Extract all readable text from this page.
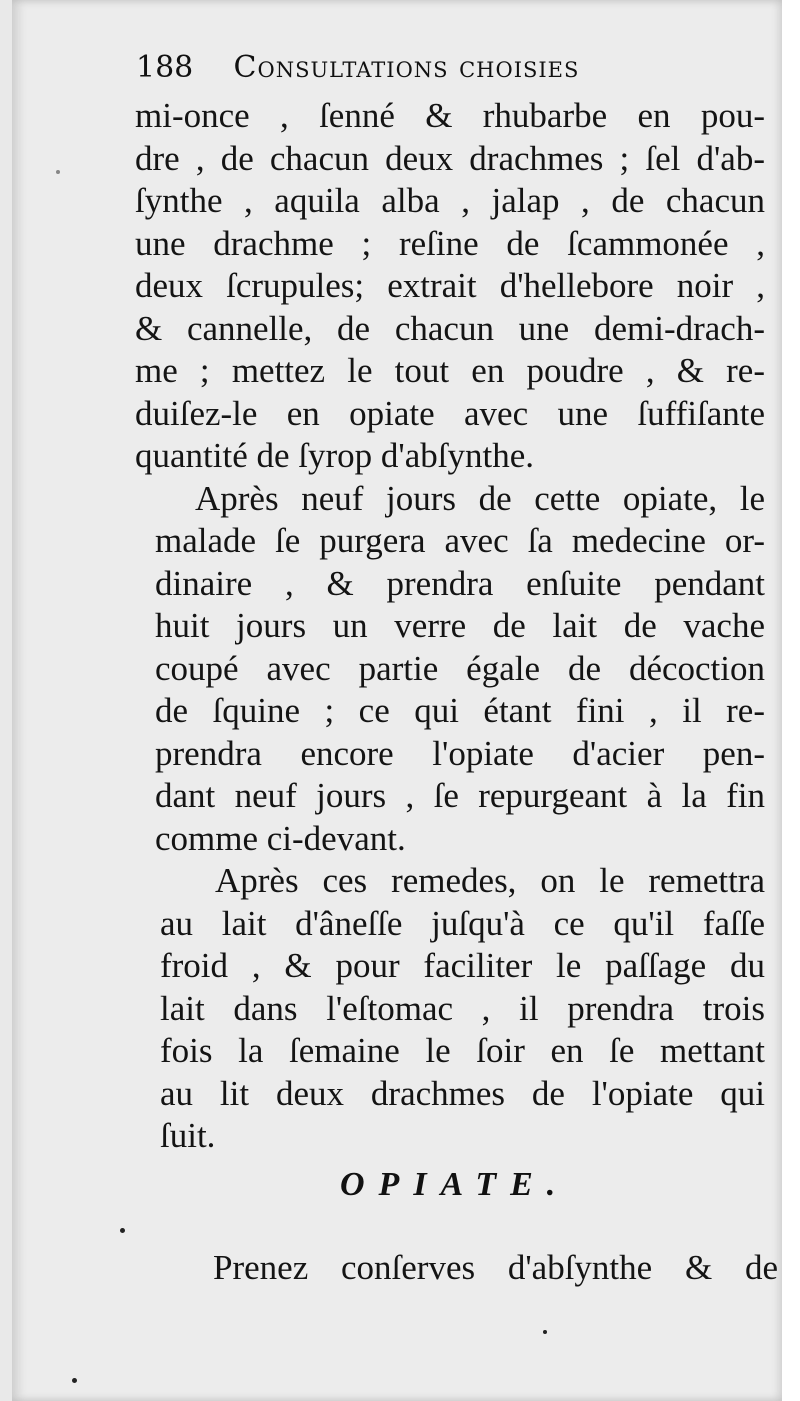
188 Consultations choisies
mi-once , ſenné & rhubarbe en pou-
dre , de chacun deux drachmes ; ſel d'ab-
ſynthe , aquila alba , jalap , de chacun
une drachme ; reſine de ſcammonée ,
deux ſcrupules; extrait d'hellebore noir ,
& cannelle, de chacun une demi-drach-
me ; mettez le tout en poudre , & re-
duiſez-le en opiate avec une ſuffiſante
quantité de ſyrop d'abſynthe.
Après neuf jours de cette opiate, le
malade ſe purgera avec ſa medecine or-
dinaire , & prendra enſuite pendant
huit jours un verre de lait de vache
coupé avec partie égale de décoction
de ſquine ; ce qui étant fini , il re-
prendra encore l'opiate d'acier pen-
dant neuf jours , ſe repurgeant à la fin
comme ci-devant.
Après ces remedes, on le remettra
au lait d'âneſſe juſqu'à ce qu'il faſſe
froid , & pour faciliter le paſſage du
lait dans l'eſtomac , il prendra trois
fois la ſemaine le ſoir en ſe mettant
au lit deux drachmes de l'opiate qui
ſuit.
OPIATE.
Prenez conſerves d'abſynthe & de
